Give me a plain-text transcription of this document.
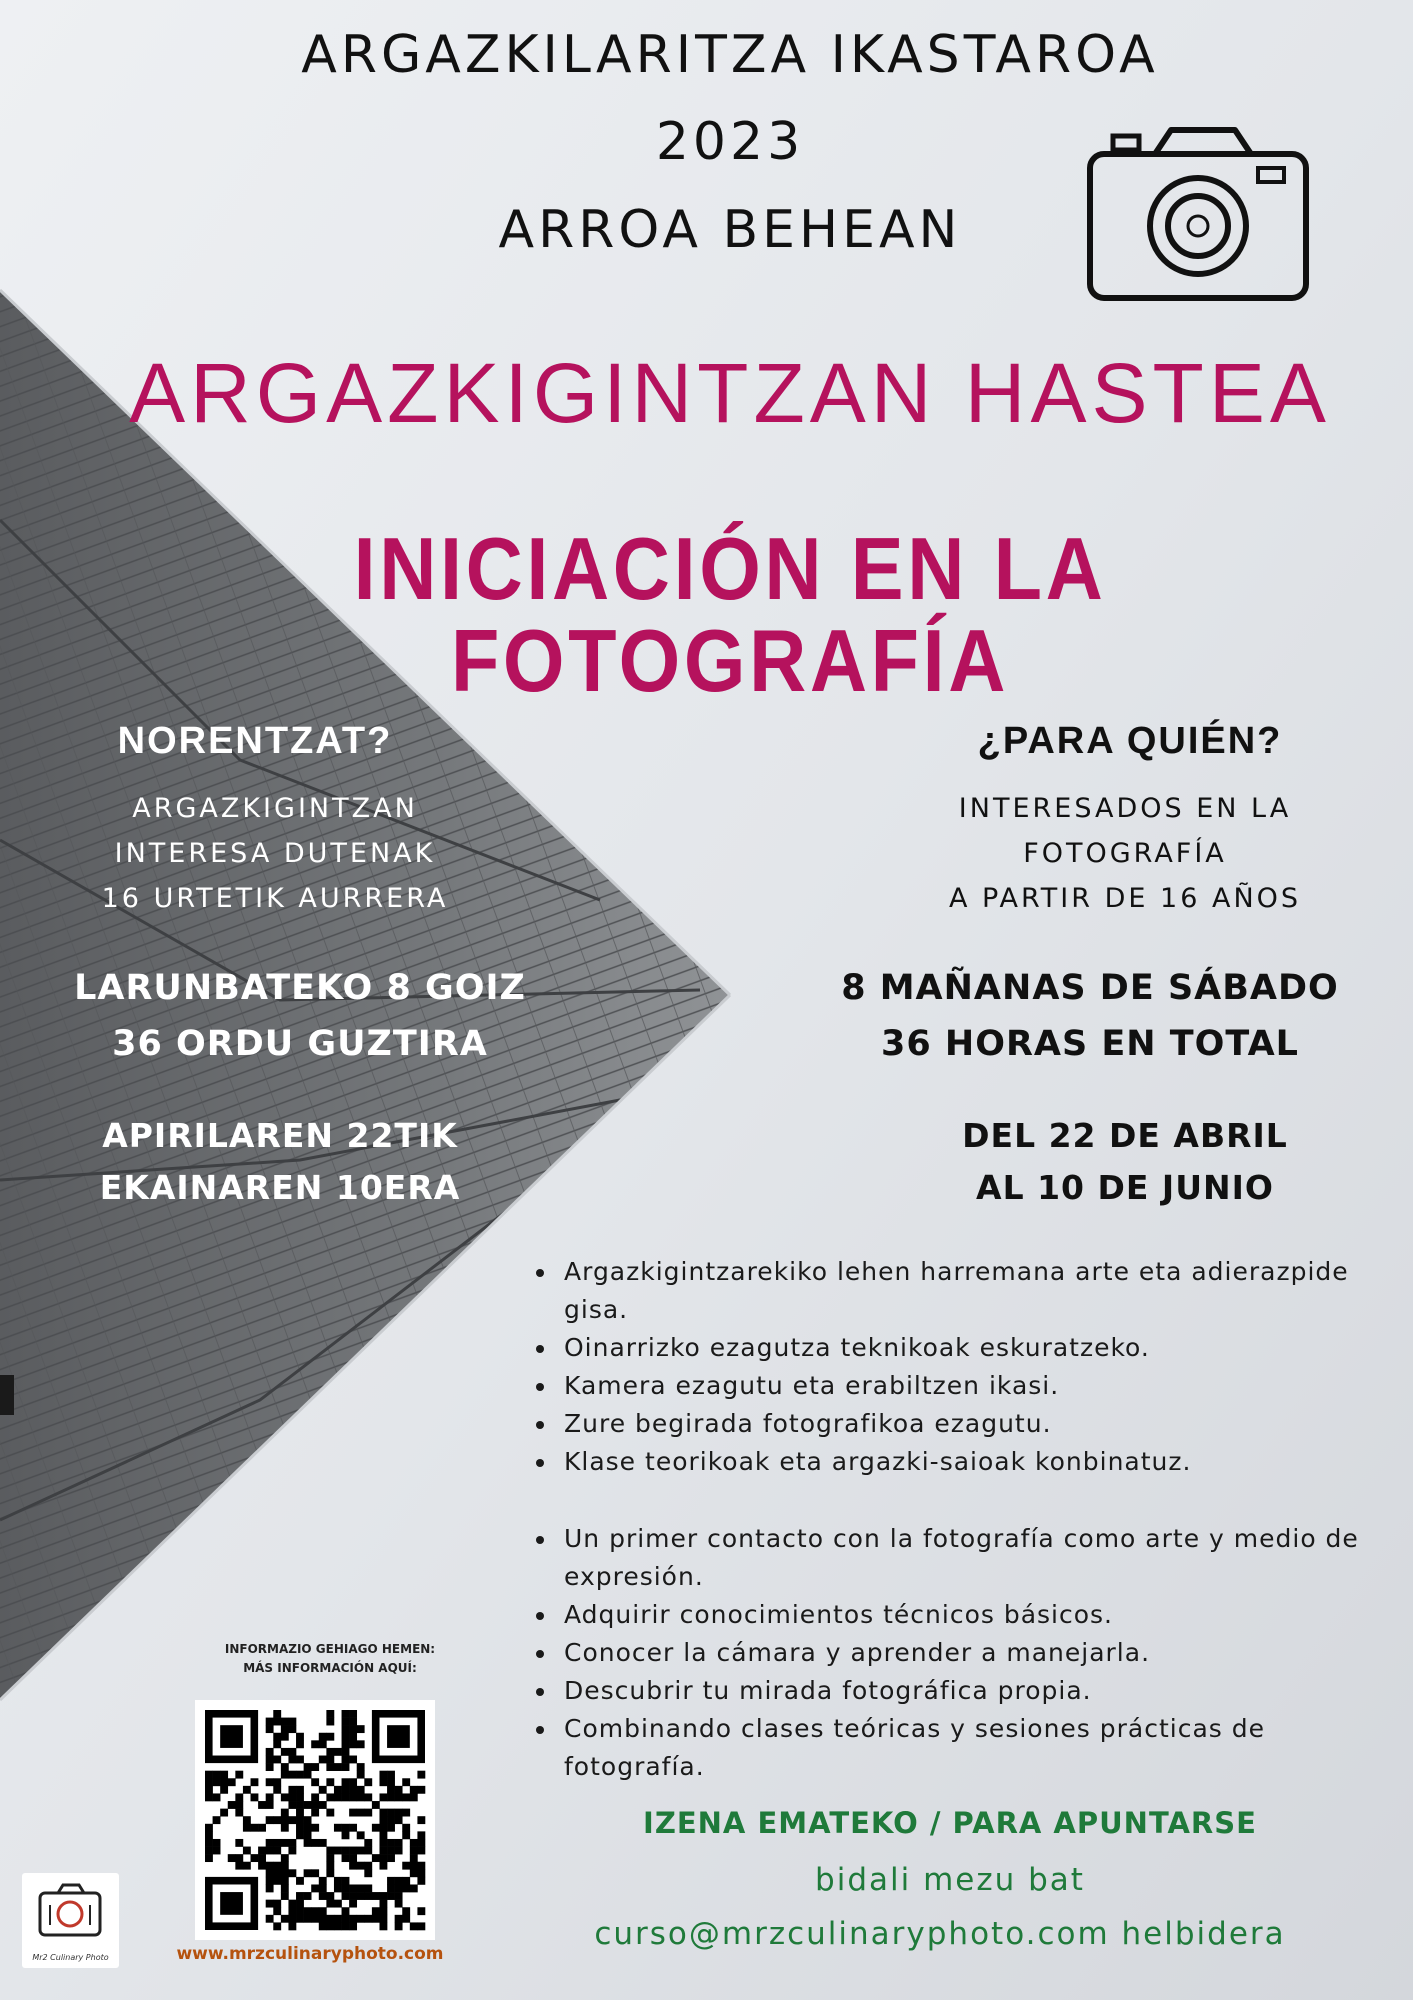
ARGAZKILARITZA IKASTAROA
2023
ARROA BEHEAN
ARGAZKIGINTZAN HASTEA
INICIACIÓN EN LA
FOTOGRAFÍA
NORENTZAT?
ARGAZKIGINTZAN
INTERESA DUTENAK
16 URTETIK AURRERA
LARUNBATEKO 8 GOIZ
36 ORDU GUZTIRA
APIRILAREN 22TIK
EKAINAREN 10ERA
¿PARA QUIÉN?
INTERESADOS EN LA
FOTOGRAFÍA
A PARTIR DE 16 AÑOS
8 MAÑANAS DE SÁBADO
36 HORAS EN TOTAL
DEL 22 DE ABRIL
AL 10 DE JUNIO
• Argazkigintzarekiko lehen harremana arte eta adierazpide gisa.
• Oinarrizko ezagutza teknikoak eskuratzeko.
• Kamera ezagutu eta erabiltzen ikasi.
• Zure begirada fotografikoa ezagutu.
• Klase teorikoak eta argazki-saioak konbinatuz.
• Un primer contacto con la fotografía como arte y medio de expresión.
• Adquirir conocimientos técnicos básicos.
• Conocer la cámara y aprender a manejarla.
• Descubrir tu mirada fotográfica propia.
• Combinando clases teóricas y sesiones prácticas de fotografía.
IZENA EMATEKO / PARA APUNTARSE
bidali mezu bat
curso@mrzculinaryphoto.com helbidera
INFORMAZIO GEHIAGO HEMEN:
MÁS INFORMACIÓN AQUÍ:
www.mrzculinaryphoto.com
Mr2 Culinary Photo
